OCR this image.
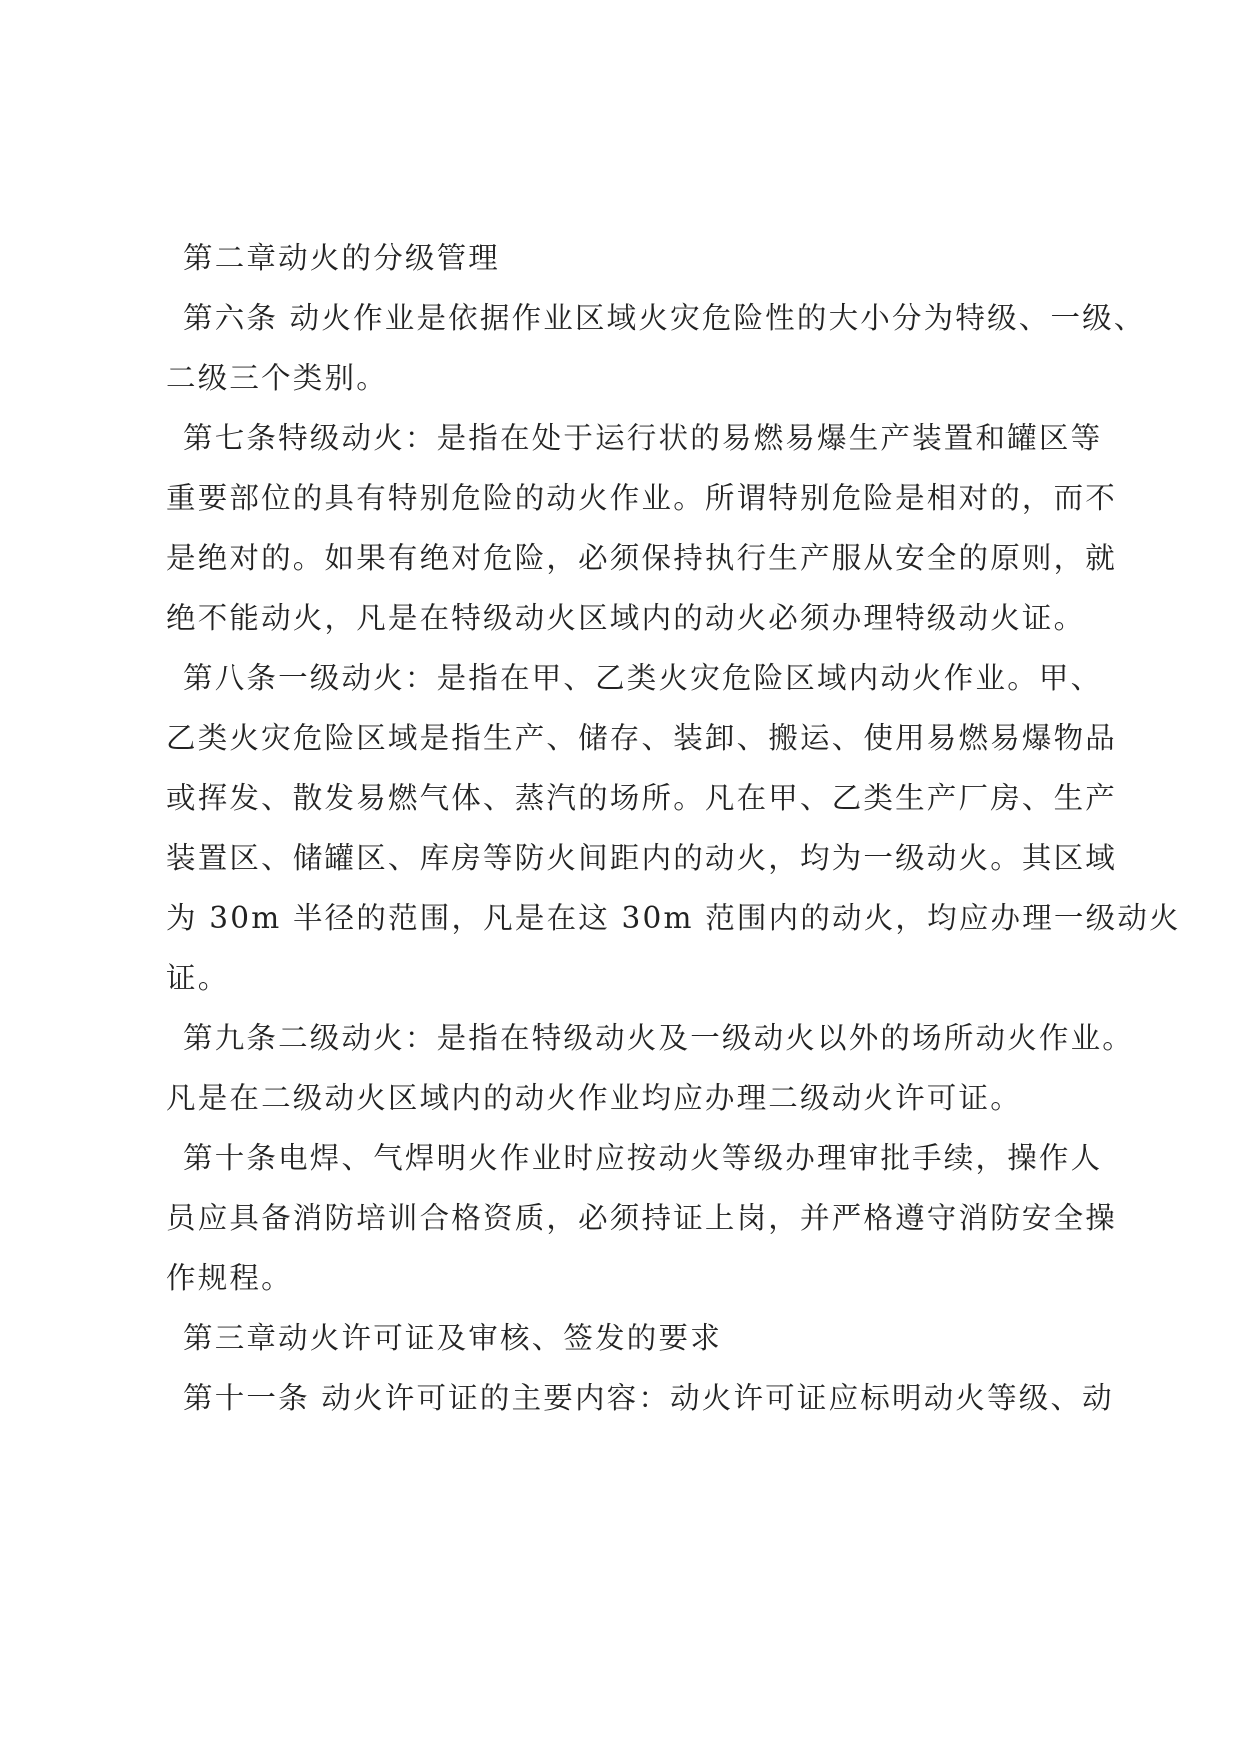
第二章动火的分级管理
第六条 动火作业是依据作业区域火灾危险性的大小分为特级、一级、
二级三个类别。
第七条特级动火：是指在处于运行状的易燃易爆生产装置和罐区等
重要部位的具有特别危险的动火作业。所谓特别危险是相对的，而不
是绝对的。如果有绝对危险，必须保持执行生产服从安全的原则，就
绝不能动火，凡是在特级动火区域内的动火必须办理特级动火证。
第八条一级动火：是指在甲、乙类火灾危险区域内动火作业。甲、
乙类火灾危险区域是指生产、储存、装卸、搬运、使用易燃易爆物品
或挥发、散发易燃气体、蒸汽的场所。凡在甲、乙类生产厂房、生产
装置区、储罐区、库房等防火间距内的动火，均为一级动火。其区域
为 30m 半径的范围，凡是在这 30m 范围内的动火，均应办理一级动火
证。
第九条二级动火：是指在特级动火及一级动火以外的场所动火作业。
凡是在二级动火区域内的动火作业均应办理二级动火许可证。
第十条电焊、气焊明火作业时应按动火等级办理审批手续，操作人
员应具备消防培训合格资质，必须持证上岗，并严格遵守消防安全操
作规程。
第三章动火许可证及审核、签发的要求
第十一条 动火许可证的主要内容：动火许可证应标明动火等级、动
